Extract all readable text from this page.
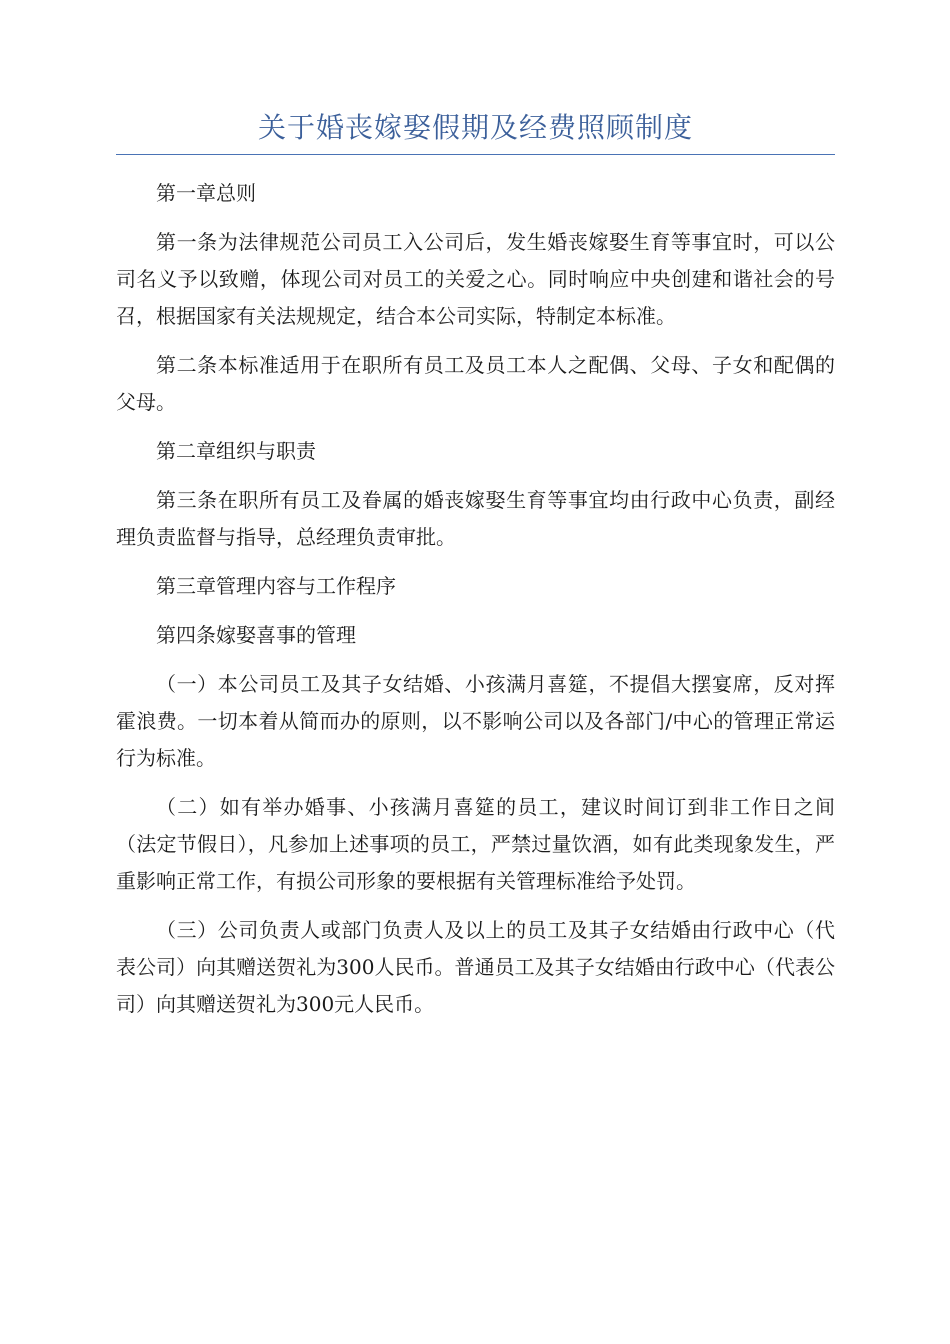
关于婚丧嫁娶假期及经费照顾制度

第一章总则

第一条为法律规范公司员工入公司后，发生婚丧嫁娶生育等事宜时，可以公司名义予以致赠，体现公司对员工的关爱之心。同时响应中央创建和谐社会的号召，根据国家有关法规规定，结合本公司实际，特制定本标准。

第二条本标准适用于在职所有员工及员工本人之配偶、父母、子女和配偶的父母。

第二章组织与职责

第三条在职所有员工及眷属的婚丧嫁娶生育等事宜均由行政中心负责，副经理负责监督与指导，总经理负责审批。

第三章管理内容与工作程序

第四条嫁娶喜事的管理

（一）本公司员工及其子女结婚、小孩满月喜筵，不提倡大摆宴席，反对挥霍浪费。一切本着从简而办的原则，以不影响公司以及各部门/中心的管理正常运行为标准。

（二）如有举办婚事、小孩满月喜筵的员工，建议时间订到非工作日之间（法定节假日），凡参加上述事项的员工，严禁过量饮酒，如有此类现象发生，严重影响正常工作，有损公司形象的要根据有关管理标准给予处罚。

（三）公司负责人或部门负责人及以上的员工及其子女结婚由行政中心（代表公司）向其赠送贺礼为300人民币。普通员工及其子女结婚由行政中心（代表公司）向其赠送贺礼为300元人民币。
